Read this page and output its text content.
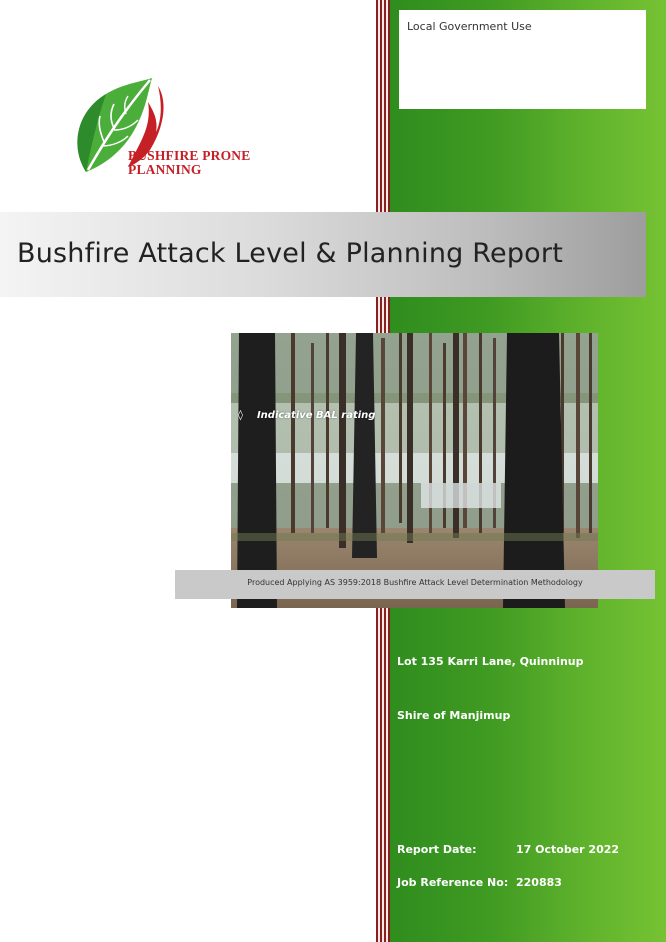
Local Government Use
BUSHFIRE PRONE
PLANNING
Bushfire Attack Level & Planning Report
◊ Indicative BAL rating
Produced Applying AS 3959:2018 Bushfire Attack Level Determination Methodology
Lot 135 Karri Lane, Quinninup
Shire of Manjimup
Report Date:	17 October 2022
Job Reference No: 220883
